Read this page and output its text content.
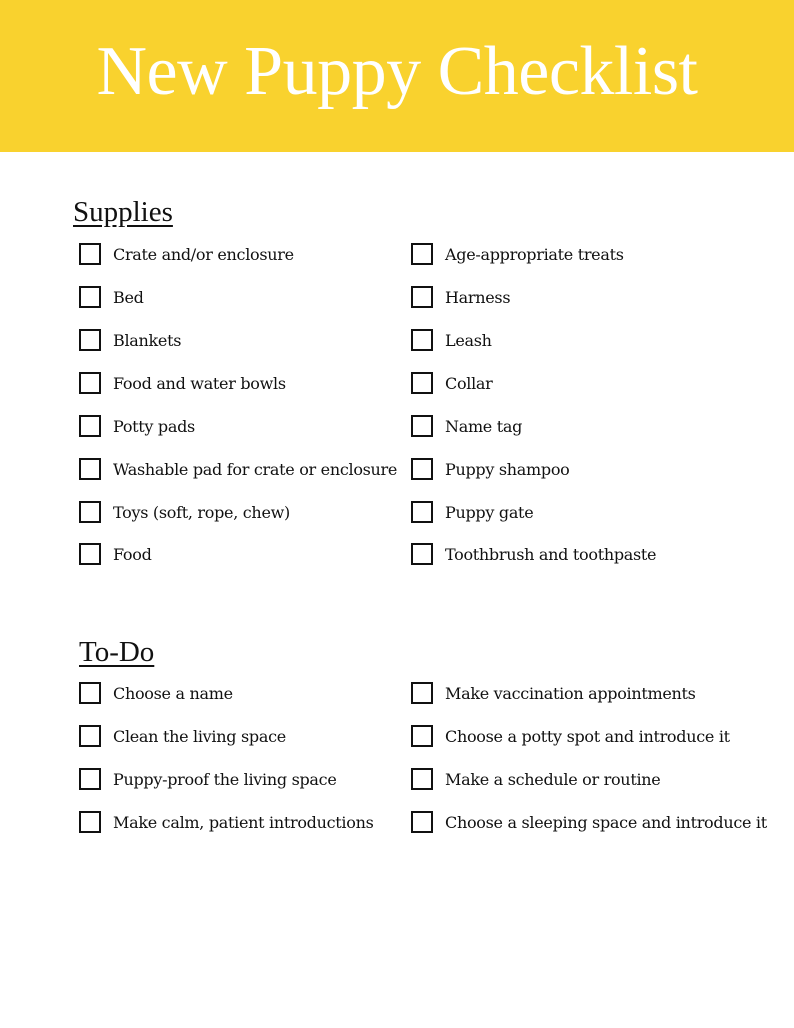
New Puppy Checklist
Supplies
Crate and/or enclosure
Bed
Blankets
Food and water bowls
Potty pads
Washable pad for crate or enclosure
Toys (soft, rope, chew)
Food
Age-appropriate treats
Harness
Leash
Collar
Name tag
Puppy shampoo
Puppy gate
Toothbrush and toothpaste
To-Do
Choose a name
Clean the living space
Puppy-proof the living space
Make calm, patient introductions
Make vaccination appointments
Choose a potty spot and introduce it
Make a schedule or routine
Choose a sleeping space and introduce it
